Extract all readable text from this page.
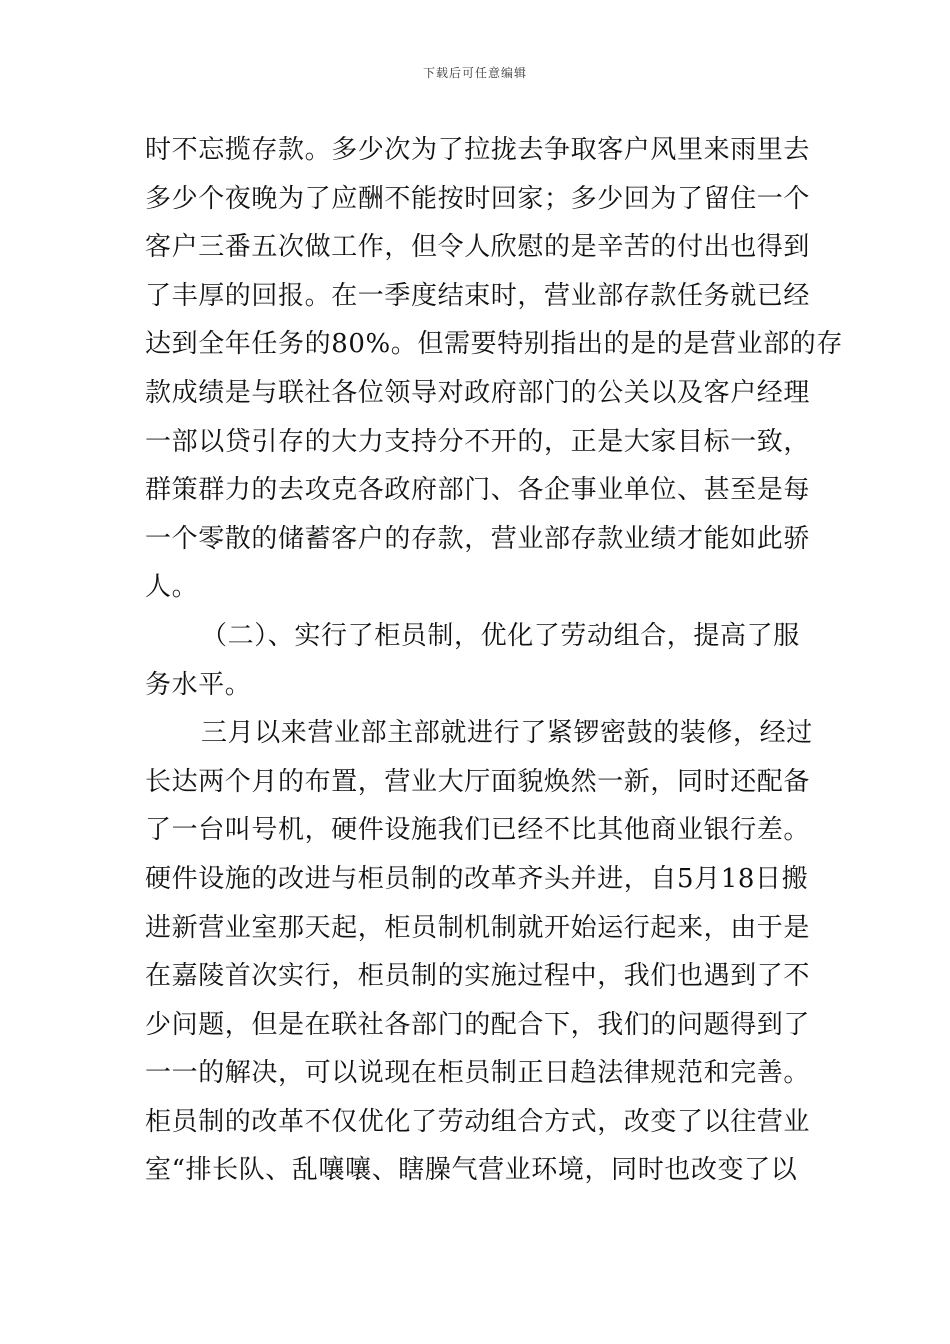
下载后可任意编辑
时不忘揽存款。多少次为了拉拢去争取客户风里来雨里去
多少个夜晚为了应酬不能按时回家；多少回为了留住一个
客户三番五次做工作，但令人欣慰的是辛苦的付出也得到
了丰厚的回报。在一季度结束时，营业部存款任务就已经
达到全年任务的80%。但需要特别指出的是的是营业部的存
款成绩是与联社各位领导对政府部门的公关以及客户经理
一部以贷引存的大力支持分不开的，正是大家目标一致，
群策群力的去攻克各政府部门、各企事业单位、甚至是每
一个零散的储蓄客户的存款，营业部存款业绩才能如此骄
人。
（二）、实行了柜员制，优化了劳动组合，提高了服
务水平。
三月以来营业部主部就进行了紧锣密鼓的装修，经过
长达两个月的布置，营业大厅面貌焕然一新，同时还配备
了一台叫号机，硬件设施我们已经不比其他商业银行差。
硬件设施的改进与柜员制的改革齐头并进，自5月18日搬
进新营业室那天起，柜员制机制就开始运行起来，由于是
在嘉陵首次实行，柜员制的实施过程中，我们也遇到了不
少问题，但是在联社各部门的配合下，我们的问题得到了
一一的解决，可以说现在柜员制正日趋法律规范和完善。
柜员制的改革不仅优化了劳动组合方式，改变了以往营业
室“排长队、乱嚷嚷、瞎臊气营业环境，同时也改变了以
